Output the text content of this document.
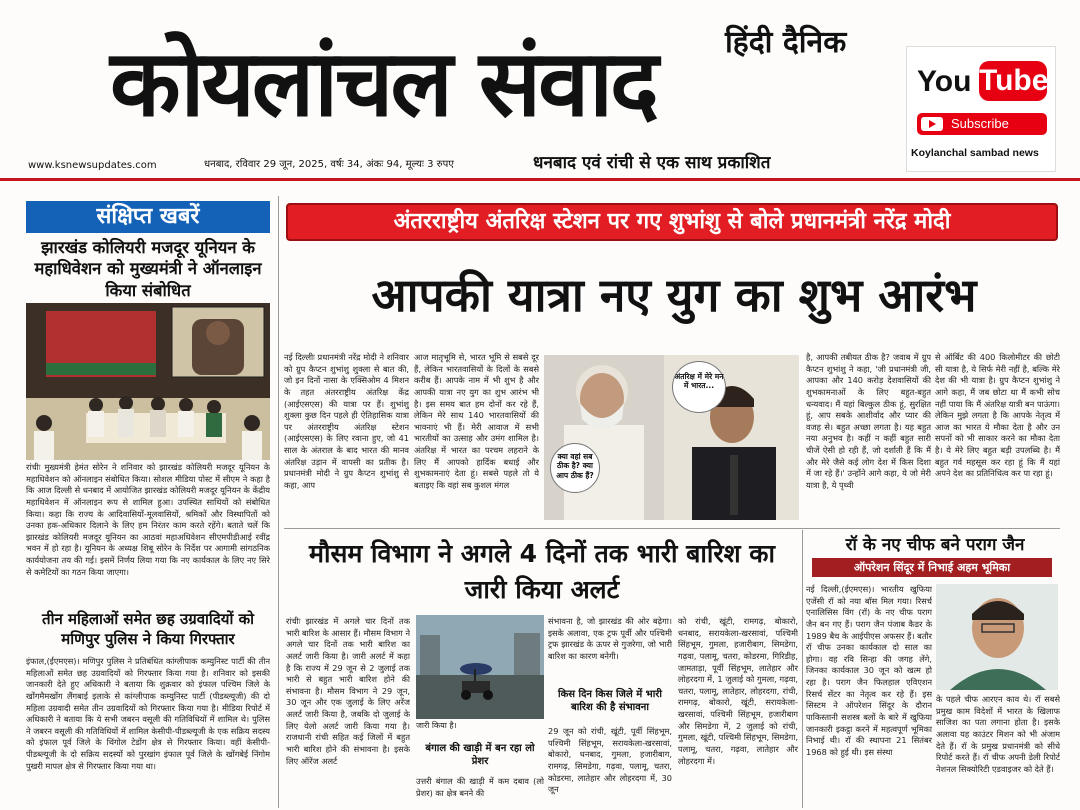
हिंदी दैनिक
कोयलांचल संवाद
www.ksnewsupdates.com	धनबाद, रविवार 29 जून, 2025, वर्षः 34, अंकः 94, मूल्यः 3 रुपए	धनबाद एवं रांची से एक साथ प्रकाशित
You Tube
Subscribe
Koylanchal sambad news
संक्षिप्त खबरें
झारखंड कोलियरी मजदूर यूनियन के महाधिवेशन को मुख्यमंत्री ने ऑनलाइन किया संबोधित
रांचीः मुख्यमंत्री हेमंत सोरेन ने शनिवार को झारखंड कोलियरी मजदूर यूनियन के महाधिवेशन को ऑनलाइन संबोधित किया। सोशल मीडिया पोस्ट में सीएम ने कहा है कि आज दिल्ली से धनबाद में आयोजित झारखंड कोलियरी मजदूर यूनियन के केंद्रीय महाधिवेशन में ऑनलाइन रूप से शामिल हुआ। उपस्थित साथियों को संबोधित किया। कहा कि राज्य के आदिवासियों-मूलवासियों, श्रमिकों और विस्थापितों को उनका हक-अधिकार दिलाने के लिए हम निरंतर काम करते रहेंगे। बताते चलें कि झारखंड कोलियरी मजदूर यूनियन का आठवां महाअधिवेशन सीएमपीडीआई रवींद्र भवन में हो रहा है। यूनियन के अध्यक्ष शिबू सोरेन के निर्देश पर आगामी सांगठनिक कार्ययोजना तय की गई। इसमें निर्णय लिया गया कि नए कार्यकाल के लिए नए सिरे से कमेटियों का गठन किया जाएगा।
तीन महिलाओं समेत छह उग्रवादियों को मणिपुर पुलिस ने किया गिरफ्तार
इंफाल,(ईएमएस)। मणिपुर पुलिस ने प्रतिबंधित कांग्लीपाक कम्युनिस्ट पार्टी की तीन महिलाओं समेत छह उग्रवादियों को गिरफ्तार किया गया है। शनिवार को इसकी जानकारी देते हुए अधिकारी ने बताया कि शुक्रवार को इंफाल पश्चिम जिले के खोंगमैमखोंग लैंगबाई इलाके से कांग्लीपाक कम्युनिस्ट पार्टी (पीडब्ल्यूजी) की दो महिला उग्रवादी समेत तीन उग्रवादियों को गिरफ्तार किया गया है। मीडिया रिपोर्ट में अधिकारी ने बताया कि ये सभी जबरन वसूली की गतिविधियों में शामिल थे। पुलिस ने जबरन वसूली की गतिविधियों में शामिल केसीपी-पीडब्ल्यूजी के एक सक्रिय सदस्य को इंफाल पूर्व जिले के थिंगोल टेडोंग क्षेत्र से गिरफ्तार किया। वहीं केसीपी-पीडब्ल्यूजी के दो सक्रिय सदस्यों को पुरखांग इंफाल पूर्व जिले के खोंगबेई निंगोम पुखरी मापल क्षेत्र से गिरफ्तार किया गया था।
अंतरराष्ट्रीय अंतरिक्ष स्टेशन पर गए शुभांशु से बोले प्रधानमंत्री नरेंद्र मोदी
आपकी यात्रा नए युग का शुभ आरंभ
नई दिल्लीः प्रधानमंत्री नरेंद्र मोदी ने शनिवार को ग्रुप कैप्टन शुभांशु शुक्ला से बात की, जो इन दिनों नासा के एक्सिओम 4 मिशन के तहत अंतरराष्ट्रीय अंतरिक्ष केंद्र (आईएसएस) की यात्रा पर हैं। शुभांशु शुक्ला कुछ दिन पहले ही ऐतिहासिक यात्रा पर अंतरराष्ट्रीय अंतरिक्ष स्टेशन (आईएसएस) के लिए रवाना हुए, जो 41 साल के अंतराल के बाद भारत की मानव अंतरिक्ष उड़ान में वापसी का प्रतीक है। प्रधानमंत्री मोदी ने ग्रुप कैप्टन शुभांशु से कहा, आप
आज मातृभूमि से, भारत भूमि से सबसे दूर हैं, लेकिन भारतवासियों के दिलों के सबसे करीब हैं। आपके नाम में भी शुभ है और आपकी यात्रा नए युग का शुभ आरंभ भी है। इस समय बात हम दोनों कर रहे हैं, लेकिन मेरे साथ 140 भारतवासियों की भावनाएं भी हैं। मेरी आवाज में सभी भारतीयों का उत्साह और उमंग शामिल है। अंतरिक्ष में भारत का परचम लहराने के लिए मैं आपको हार्दिक बधाई और शुभकामनाएं देता हूं। सबसे पहले तो ये बताइए कि वहां सब कुशल मंगल
क्या वहां सब ठीक है? क्या आप ठीक हैं?
अंतरिक्ष में मेरे मन में भारत...
है, आपकी तबीयत ठीक है? जवाब में ग्रुप कैप्टन शुभांशु ने कहा, 'जी प्रधानमंत्री जी, आपका और 140 करोड़ देशवासियों की शुभकामनाओं के लिए बहुत-बहुत धन्यवाद। मैं यहां बिल्कुल ठीक हूं, सुरक्षित हूं, आप सबके आशीर्वाद और प्यार की वजह से। बहुत अच्छा लगता है। यह बहुत नया अनुभव है। कहीं न कहीं बहुत सारी चीजें ऐसी हो रही हैं, जो दर्शाती हैं कि मैं और मेरे जैसे कई लोग देश में किस दिशा में जा रहे हैं।' उन्होंने आगे कहा, ये जो मेरी यात्रा है, ये पृथ्वी
से ऑर्बिट की 400 किलोमीटर की छोटी सी यात्रा है, ये सिर्फ मेरी नहीं है, बल्कि मेरे देश की भी यात्रा है। ग्रुप कैप्टन शुभांशु ने आगे कहा, मैं जब छोटा था मैं कभी सोच नहीं पाया कि मैं अंतरिक्ष यात्री बन पाऊंगा। लेकिन मुझे लगता है कि आपके नेतृत्व में आज का भारत ये मौका देता है और उन सपनों को भी साकार करने का मौका देता है। ये मेरे लिए बहुत बड़ी उपलब्धि है। मैं बहुत गर्व महसूस कर रहा हूं कि मैं यहां अपने देश का प्रतिनिधित्व कर पा रहा हूं।
मौसम विभाग ने अगले 4 दिनों तक भारी बारिश का जारी किया अलर्ट
रांचीः झारखंड में अगले चार दिनों तक भारी बारिश के आसार हैं। मौसम विभाग ने अगले चार दिनों तक भारी बारिश का अलर्ट जारी किया है। जारी अलर्ट में कहा है कि राज्य में 29 जून से 2 जुलाई तक भारी से बहुत भारी बारिश होने की संभावना है। मौसम विभाग ने 29 जून, 30 जून और एक जुलाई के लिए अरेंज अलर्ट जारी किया है, जबकि दो जुलाई के लिए येलो अलर्ट जारी किया गया है। राजधानी रांची सहित कई जिलों में बहुत भारी बारिश होने की संभावना है। इसके लिए ऑरेंज अलर्ट
जारी किया है।
बंगाल की खाड़ी में बन रहा लो प्रेशर
उत्तरी बंगाल की खाड़ी में कम दबाव (लो प्रेशर) का क्षेत्र बनने की
संभावना है, जो झारखंड की ओर बढ़ेगा। इसके अलावा, एक ट्रफ पूर्वी और पश्चिमी ट्रफ झारखंड के ऊपर से गुजरेगा, जो भारी बारिश का कारण बनेगी।
किस दिन किस जिले में भारी बारिश की है संभावना
29 जून को रांची, खूंटी, पूर्वी सिंहभूम, पश्चिमी सिंहभूम, सरायकेला-खरसावां, बोकारो, धनबाद, गुमला, हजारीबाग, रामगढ़, सिमडेगा, गढ़वा, पलामू, चतरा, कोडरमा, लातेहार और लोहरदगा में, 30 जून
को रांची, खूंटी, रामगढ़, बोकारो, धनबाद, सरायकेला-खरसावां, पश्चिमी सिंहभूम, गुमला, हजारीबाग, सिमडेगा, गढ़वा, पलामू, चतरा, कोडरमा, गिरिडीह, जामताड़ा, पूर्वी सिंहभूम, लातेहार और लोहरदगा में, 1 जुलाई को गुमला, गढ़वा, चतरा, पलामू, लातेहार, लोहरदगा, रांची, रामगढ़, बोकारो, खूंटी, सरायकेला-खरसावां, पश्चिमी सिंहभूम, हजारीबाग और सिमडेगा में, 2 जुलाई को रांची, गुमला, खूंटी, पश्चिमी सिंहभूम, सिमडेगा, पलामू, चतरा, गढ़वा, लातेहार और लोहरदगा में।
रॉ के नए चीफ बने पराग जैन
ऑपरेशन सिंदूर में निभाई अहम भूमिका
नई दिल्ली,(ईएमएस)। भारतीय खुफिया एजेंसी रॉ को नया बॉस मिल गया। रिसर्च एनालिसिस विंग (रॉ) के नए चीफ पराग जैन बन गए हैं। पराग जैन पंजाब कैडर के 1989 बैच के आईपीएस अफसर हैं। बतौर रॉ चीफ उनका कार्यकाल दो साल का होगा। वह रवि सिन्हा की जगह लेंगे, जिनका कार्यकाल 30 जून को खत्म हो रहा है। पराग जैन फिलहाल एविएशन रिसर्च सेंटर का नेतृत्व कर रहे हैं। इस सिस्टम ने ऑपरेशन सिंदूर के दौरान पाकिस्तानी सशस्त्र बलों के बारे में खुफिया जानकारी इकट्ठा करने में महत्वपूर्ण भूमिका निभाई थी। रॉ की स्थापना 21 सितंबर 1968 को हुई थी। इस संस्था
के पहले चीफ आरएन काव थे। रॉ सबसे प्रमुख काम विदेशों में भारत के खिलाफ साजिश का पता लगाना होता है। इसके अलावा यह काउंटर मिशन को भी अंजाम देते हैं। रॉ के प्रमुख प्रधानमंत्री को सीधे रिपोर्ट करते हैं। रॉ चीफ अपनी डेली रिपोर्ट नेशनल सिक्योरिटी एडवाइजर को देते हैं।
